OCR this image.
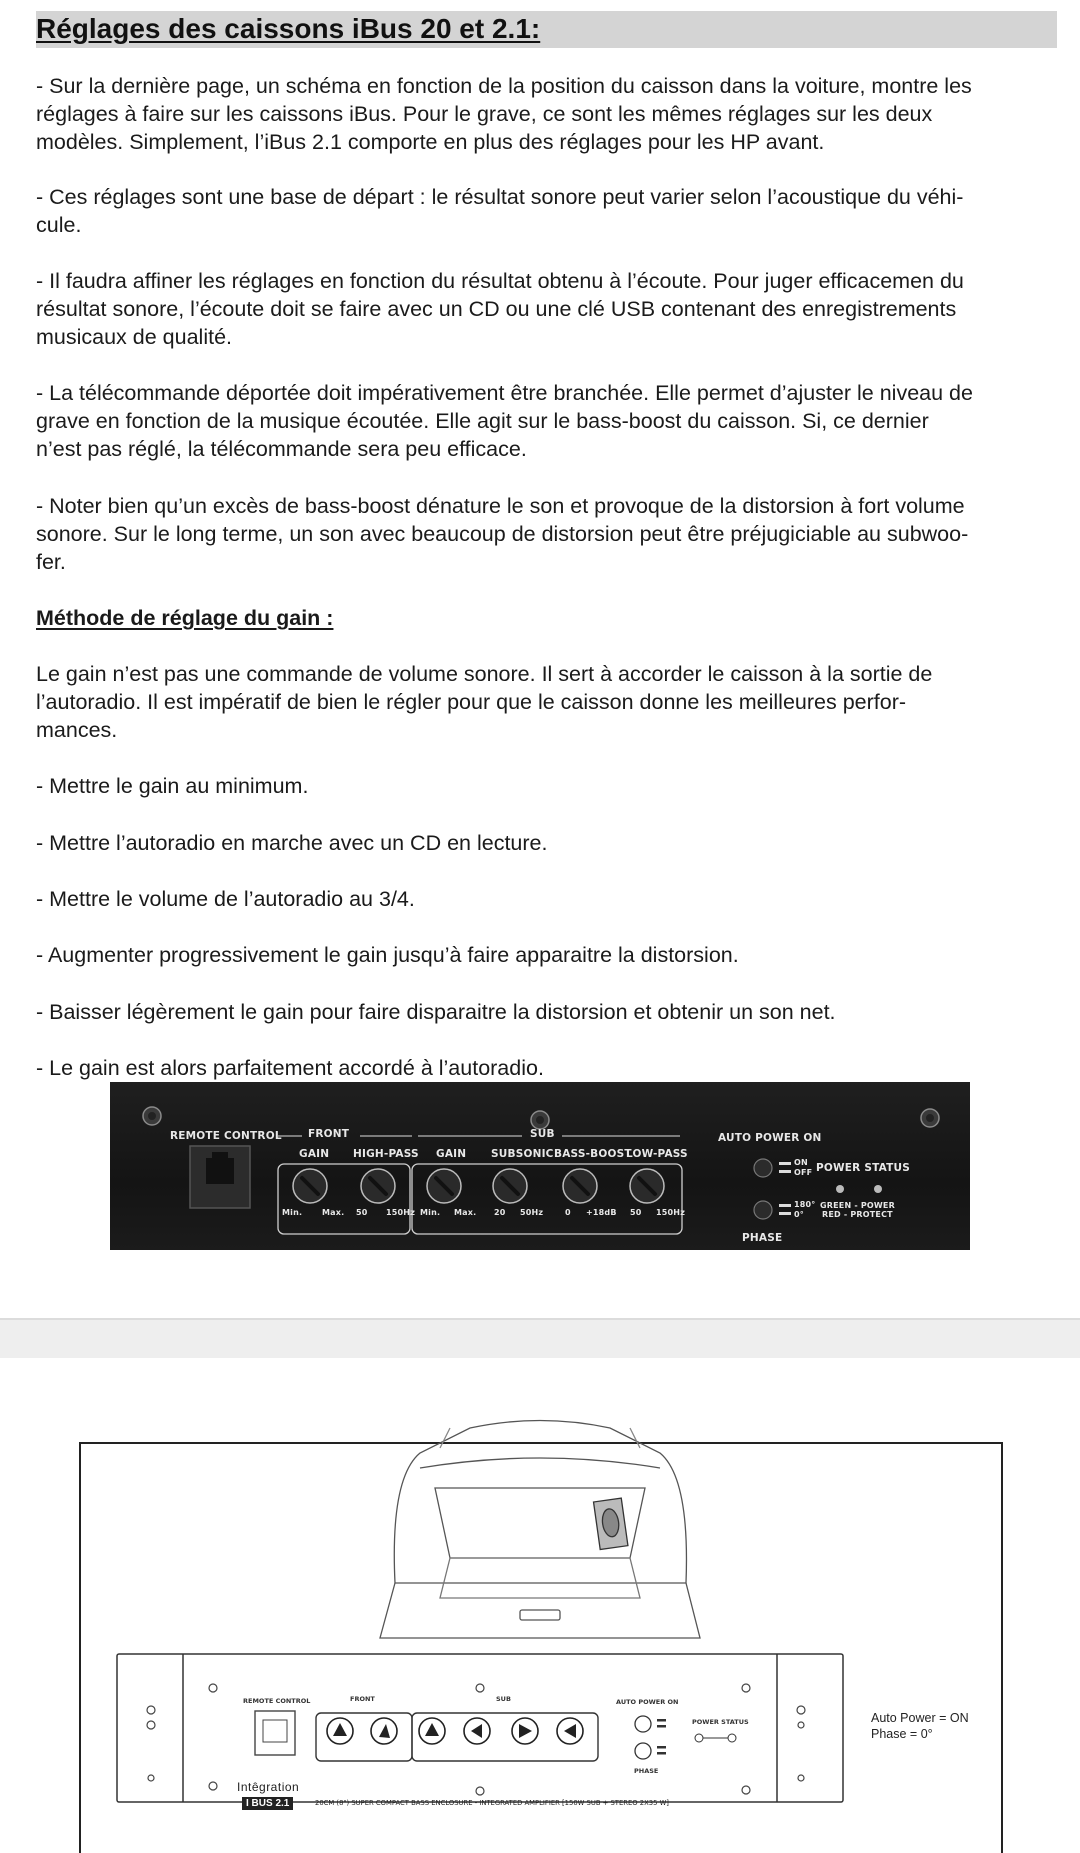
Réglages des caissons iBus 20 et 2.1:
- Sur la dernière page, un schéma en fonction de la position du caisson dans la voiture, montre les
réglages à faire sur les caissons iBus. Pour le grave, ce sont les mêmes réglages sur les deux
modèles. Simplement, l’iBus 2.1 comporte en plus des réglages pour les HP avant.
- Ces réglages sont une base de départ : le résultat sonore peut varier selon l’acoustique du véhi-
cule.
- Il faudra affiner les réglages en fonction du résultat obtenu à l’écoute. Pour juger efficacemen du
résultat sonore, l’écoute doit se faire avec un CD ou une clé USB contenant des enregistrements
musicaux de qualité.
- La télécommande déportée doit impérativement être branchée. Elle permet d’ajuster le niveau de
grave en fonction de la musique écoutée. Elle agit sur le bass-boost du caisson. Si, ce dernier
n’est pas réglé, la télécommande sera peu efficace.
- Noter bien qu’un excès de bass-boost dénature le son et provoque de la distorsion à fort volume
sonore. Sur le long terme, un son avec beaucoup de distorsion peut être préjugiciable au subwoo-
fer.
Méthode de réglage du gain :
Le gain n’est pas une commande de volume sonore. Il sert à accorder le caisson à la sortie de
l’autoradio. Il est impératif de bien le régler pour que le caisson donne les meilleures perfor-
mances.
- Mettre le gain au minimum.
- Mettre l’autoradio en marche avec un CD en lecture.
- Mettre le volume de l’autoradio au 3/4.
- Augmenter progressivement le gain jusqu’à faire apparaitre la distorsion.
- Baisser légèrement le gain pour faire disparaitre la distorsion et obtenir un son net.
- Le gain est alors parfaitement accordé à l’autoradio.
REMOTE CONTROL	FRONT	SUB
GAIN HIGH-PASS GAIN SUBSONIC BASS-BOOST
LOW-PASS
Min. Max. 50 150Hz Min. Max. 20 50Hz	0 +18dB 50 150Hz
AUTO POWER ON
ON
OFF POWER STATUS
180°
0°
GREEN - POWER
RED - PROTECT
PHASE
REMOTE CONTROL	FRONT	SUB	AUTO POWER ON
POWER STATUS
PHASE
Auto Power = ON
Phase = 0°
Intêgration
I BUS 2.1	20CM (8") SUPER COMPACT BASS ENCLOSURE - INTEGRATED AMPLIFIER [150W SUB + STEREO 2X35 W]
